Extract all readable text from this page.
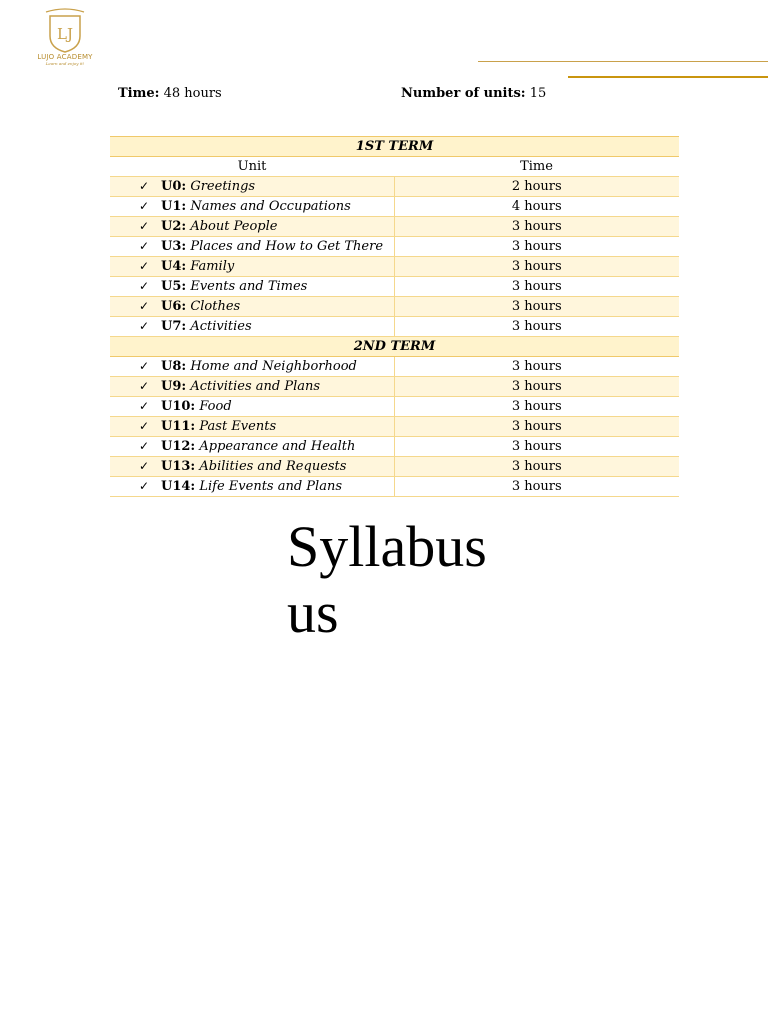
LJ
LUJO ACADEMY
Learn and enjoy it!
Time: 48 hours	Number of units: 15
1ST TERM	
Unit	Time
✓ U0: Greetings	2 hours
✓ U1: Names and Occupations	4 hours
✓ U2: About People	3 hours
✓ U3: Places and How to Get There	3 hours
✓ U4: Family	3 hours
✓ U5: Events and Times	3 hours
✓ U6: Clothes	3 hours
✓ U7: Activities	3 hours
2ND TERM	
✓ U8: Home and Neighborhood	3 hours
✓ U9: Activities and Plans	3 hours
✓ U10: Food	3 hours
✓ U11: Past Events	3 hours
✓ U12: Appearance and Health	3 hours
✓ U13: Abilities and Requests	3 hours
✓ U14: Life Events and Plans	3 hours
Syllabus us
